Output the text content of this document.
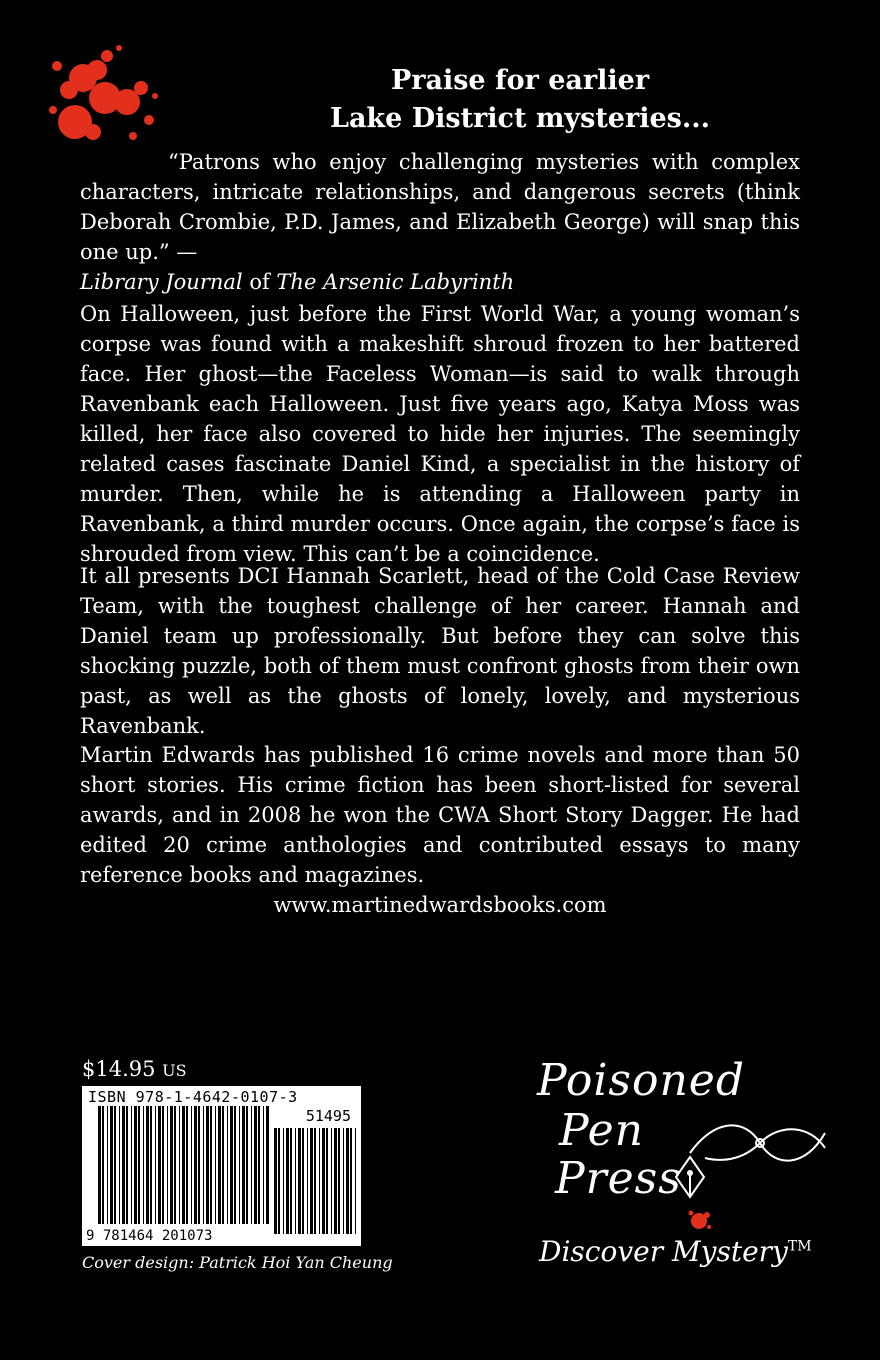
Praise for earlier
Lake District mysteries...

“Patrons who enjoy challenging mysteries with complex characters, intricate relationships, and dangerous secrets (think Deborah Crombie, P.D. James, and Elizabeth George) will snap this one up.” —

Library Journal of The Arsenic Labyrinth

On Halloween, just before the First World War, a young woman’s corpse was found with a makeshift shroud frozen to her battered face. Her ghost—the Faceless Woman—is said to walk through Ravenbank each Halloween. Just five years ago, Katya Moss was killed, her face also covered to hide her injuries. The seemingly related cases fascinate Daniel Kind, a specialist in the history of murder. Then, while he is attending a Halloween party in Ravenbank, a third murder occurs. Once again, the corpse’s face is shrouded from view. This can’t be a coincidence.

It all presents DCI Hannah Scarlett, head of the Cold Case Review Team, with the toughest challenge of her career. Hannah and Daniel team up professionally. But before they can solve this shocking puzzle, both of them must confront ghosts from their own past, as well as the ghosts of lonely, lovely, and mysterious Ravenbank.

Martin Edwards has published 16 crime novels and more than 50 short stories. His crime fiction has been short-listed for several awards, and in 2008 he won the CWA Short Story Dagger. He had edited 20 crime anthologies and contributed essays to many reference books and magazines.

www.martinedwardsbooks.com
$14.95 US
ISBN 978-1-4642-0107-3
51495
9 781464 201073
Cover design: Patrick Hoi Yan Cheung
Poisoned
Pen
Press
Discover Mystery™
